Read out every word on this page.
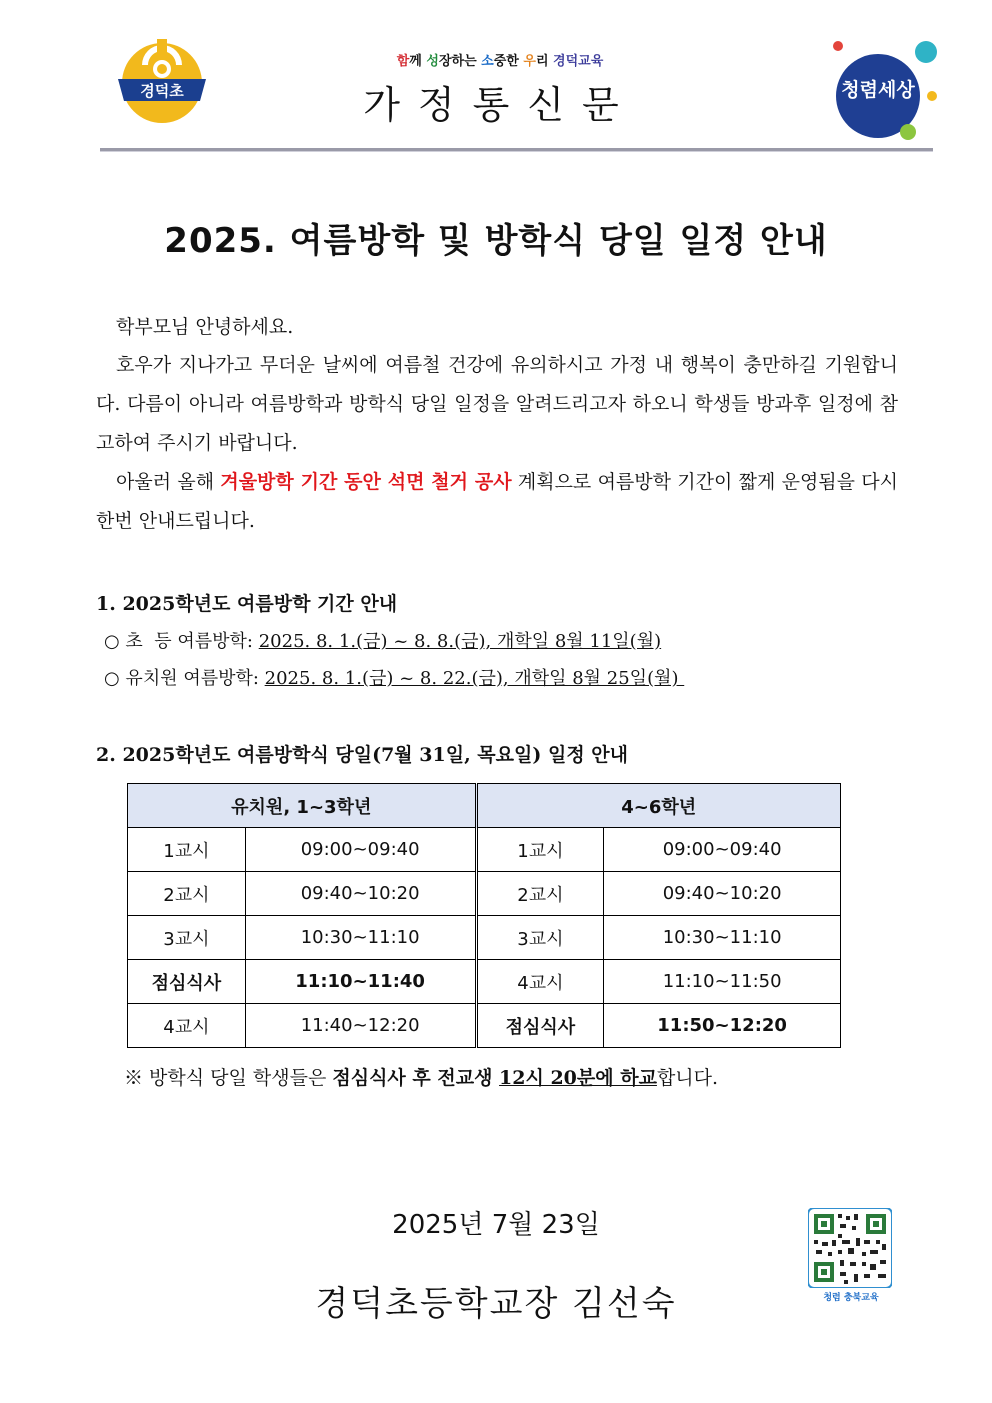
경덕초
함께 성장하는 소중한 우리 경덕교육
가정통신문	청렴세상
2025. 여름방학 및 방학식 당일 일정 안내
학부모님 안녕하세요.
호우가 지나가고 무더운 날씨에 여름철 건강에 유의하시고 가정 내 행복이 충만하길 기원합니다. 다름이 아니라 여름방학과 방학식 당일 일정을 알려드리고자 하오니 학생들 방과후 일정에 참고하여 주시기 바랍니다.
아울러 올해 겨울방학 기간 동안 석면 철거 공사 계획으로 여름방학 기간이 짧게 운영됨을 다시 한번 안내드립니다.
1. 2025학년도 여름방학 기간 안내
○ 초  등 여름방학: 2025. 8. 1.(금) ~ 8. 8.(금), 개학일 8월 11일(월)
○ 유치원 여름방학: 2025. 8. 1.(금) ~ 8. 22.(금), 개학일 8월 25일(월)
2. 2025학년도 여름방학식 당일(7월 31일, 목요일) 일정 안내
유치원, 1~3학년		4~6학년	
1교시	09:00~09:40	1교시	09:00~09:40
2교시	09:40~10:20	2교시	09:40~10:20
3교시	10:30~11:10	3교시	10:30~11:10
점심식사	11:10~11:40	4교시	11:10~11:50
4교시	11:40~12:20	점심식사	11:50~12:20
※ 방학식 당일 학생들은 점심식사 후 전교생 12시 20분에 하교합니다.
2025년 7월 23일
경덕초등학교장 김선숙	청렴 충북교육
